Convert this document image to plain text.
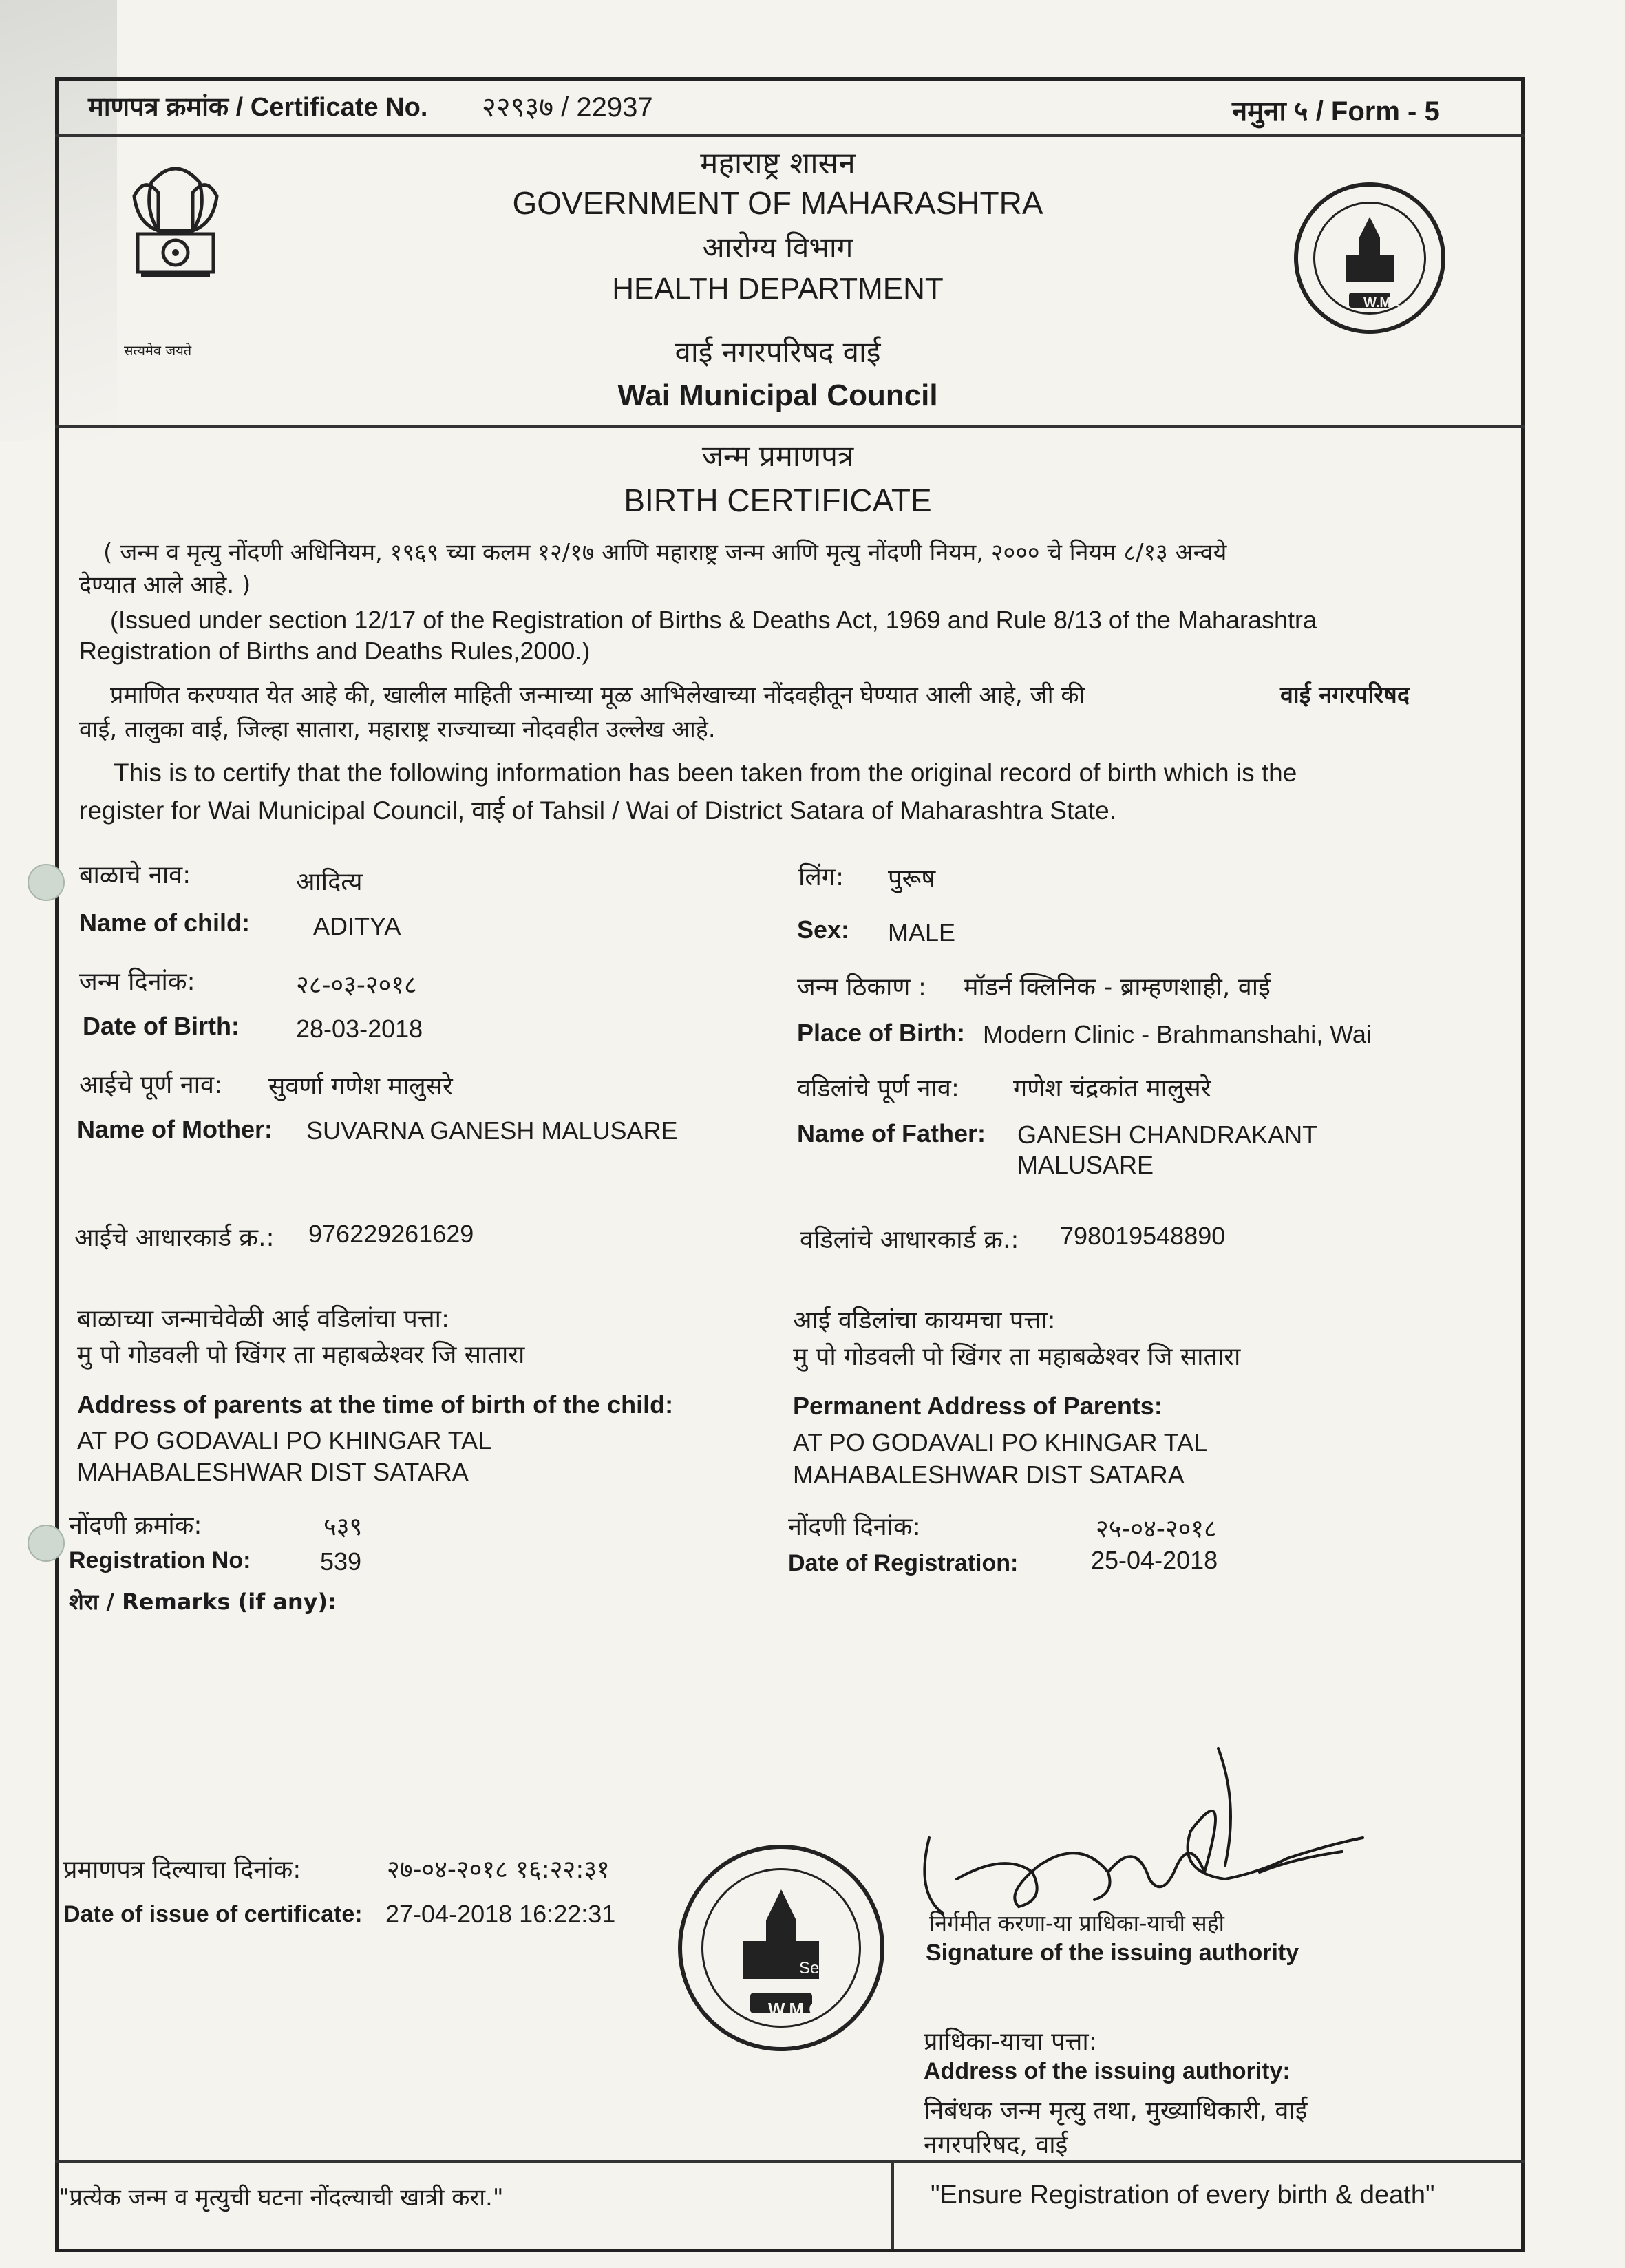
माणपत्र क्रमांक / Certificate No. २२९३७ / 22937	नमुना ५ / Form - 5
सत्यमेव जयते
महाराष्ट्र शासन
GOVERNMENT OF MAHARASHTRA
आरोग्य विभाग
HEALTH DEPARTMENT
वाई नगरपरिषद वाई
Wai Municipal Council
W.M.C
जन्म प्रमाणपत्र
BIRTH CERTIFICATE
( जन्म व मृत्यु नोंदणी अधिनियम, १९६९ च्या कलम १२/१७ आणि महाराष्ट्र जन्म आणि मृत्यु नोंदणी नियम, २००० चे नियम ८/१३ अन्वये
देण्यात आले आहे. )
(Issued under section 12/17 of the Registration of Births & Deaths Act, 1969 and Rule 8/13 of the Maharashtra
Registration of Births and Deaths Rules,2000.)
प्रमाणित करण्यात येत आहे की, खालील माहिती जन्माच्या मूळ आभिलेखाच्या नोंदवहीतून घेण्यात आली आहे, जी की	वाई नगरपरिषद
वाई, तालुका वाई, जिल्हा सातारा, महाराष्ट्र राज्याच्या नोदवहीत उल्लेख आहे.
This is to certify that the following information has been taken from the original record of birth which is the
register for Wai Municipal Council, वाई of Tahsil / Wai of District Satara of Maharashtra State.
बाळाचे नाव:	आदित्य
Name of child:	ADITYA
जन्म दिनांक:	२८-०३-२०१८
Date of Birth: 28-03-2018
आईचे पूर्ण नाव: सुवर्णा गणेश मालुसरे
Name of Mother: SUVARNA GANESH MALUSARE
आईचे आधारकार्ड क्र.: 976229261629
बाळाच्या जन्माचेवेळी आई वडिलांचा पत्ता:
मु पो गोडवली पो खिंगर ता महाबळेश्वर जि सातारा
Address of parents at the time of birth of the child:
AT PO GODAVALI PO KHINGAR TAL
MAHABALESHWAR DIST SATARA
नोंदणी क्रमांक:	५३९
Registration No:	539
शेरा / Remarks (if any):
लिंग: पुरूष
Sex: MALE
जन्म ठिकाण : मॉडर्न क्लिनिक - ब्राम्हणशाही, वाई
Place of Birth: Modern Clinic - Brahmanshahi, Wai
वडिलांचे पूर्ण नाव: गणेश चंद्रकांत मालुसरे
Name of Father: GANESH CHANDRAKANT
MALUSARE
वडिलांचे आधारकार्ड क्र.: 798019548890
आई वडिलांचा कायमचा पत्ता:
मु पो गोडवली पो खिंगर ता महाबळेश्वर जि सातारा
Permanent Address of Parents:
AT PO GODAVALI PO KHINGAR TAL
MAHABALESHWAR DIST SATARA
नोंदणी दिनांक:	२५-०४-२०१८
Date of Registration:	25-04-2018
प्रमाणपत्र दिल्याचा दिनांक:	२७-०४-२०१८ १६:२२:३१
Date of issue of certificate: 27-04-2018 16:22:31
W.M.C
Seal
निर्गमीत करणा-या प्राधिका-याची सही
Signature of the issuing authority
प्राधिका-याचा पत्ता:
Address of the issuing authority:
निबंधक जन्म मृत्यु तथा, मुख्याधिकारी, वाई
नगरपरिषद, वाई
"प्रत्येक जन्म व मृत्युची घटना नोंदल्याची खात्री करा."	"Ensure Registration of every birth & death"
